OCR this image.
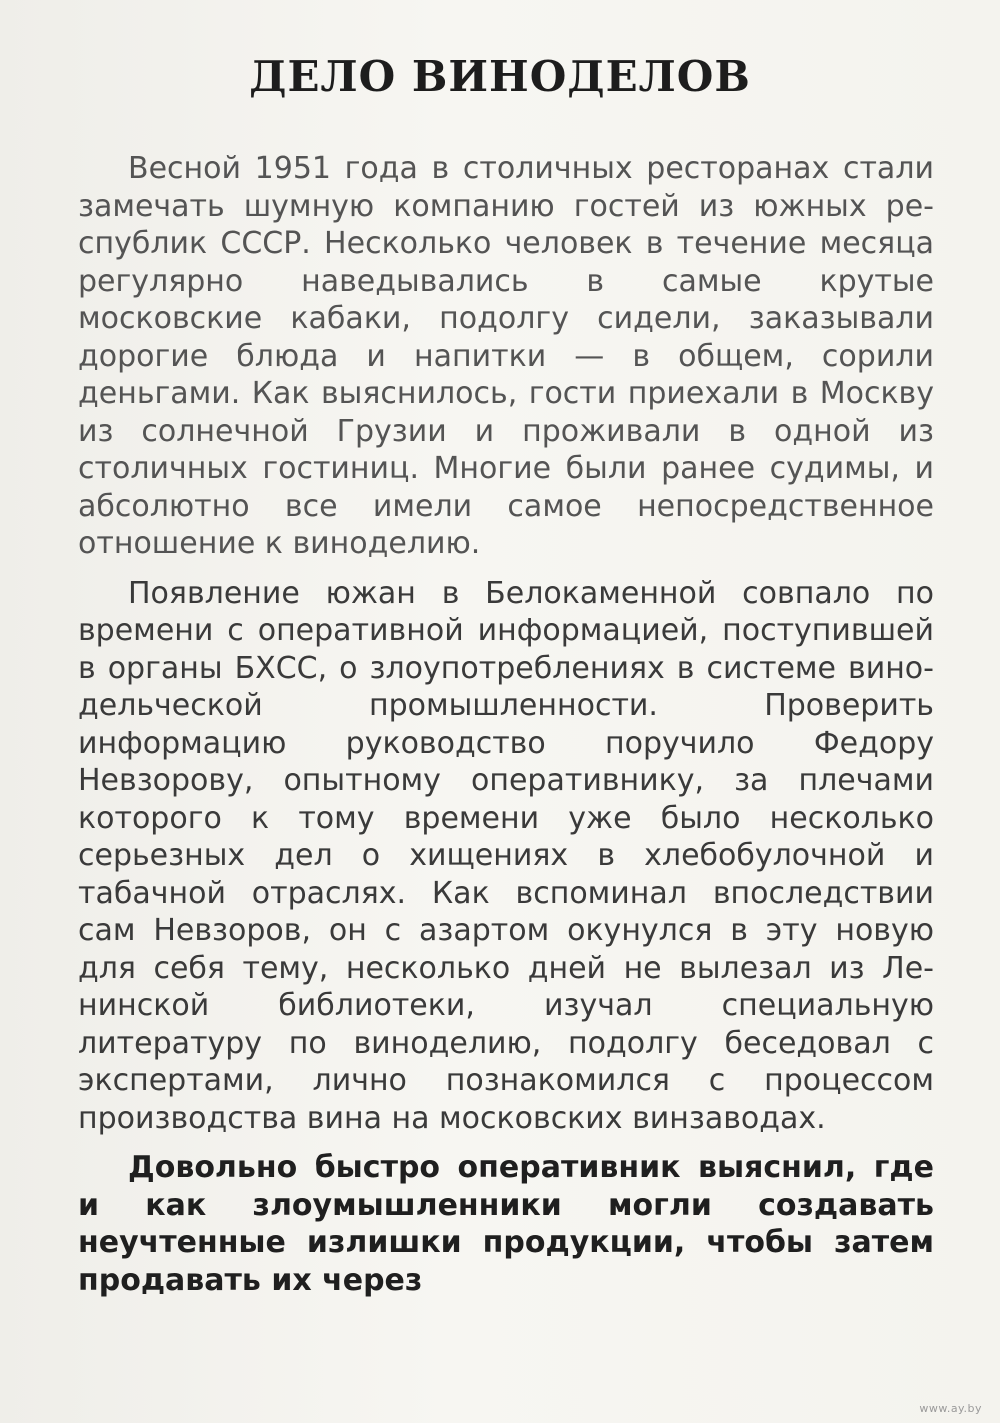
ДЕЛО ВИНОДЕЛОВ

Весной 1951 года в столичных ресторанах стали замечать шумную компанию гостей из южных республик СССР. Несколько человек в течение месяца регулярно наведывались в самые крутые московские кабаки, подолгу сидели, заказывали дорогие блюда и напитки — в общем, сорили деньгами. Как выяснилось, гости приехали в Москву из солнечной Грузии и проживали в одной из столичных гостиниц. Многие были ранее судимы, и абсолютно все имели самое непосредственное отношение к виноделию.

Появление южан в Белокаменной совпало по времени с оперативной информацией, поступившей в органы БХСС, о злоупотреблениях в системе винодельческой промышленности. Проверить информацию руководство поручило Федору Невзорову, опытному оперативнику, за плечами которого к тому времени уже было несколько серьезных дел о хищениях в хлебобулочной и табачной отраслях. Как вспоминал впоследствии сам Невзоров, он с азартом окунулся в эту новую для себя тему, несколько дней не вылезал из Ленинской библиотеки, изучал специальную литературу по виноделию, подолгу беседовал с экспертами, лично познакомился с процессом производства вина на московских винзаводах.

Довольно быстро оперативник выяснил, где и как злоумышленники могли создавать неучтенные излишки продукции, чтобы затем продавать их через

www.ay.by
